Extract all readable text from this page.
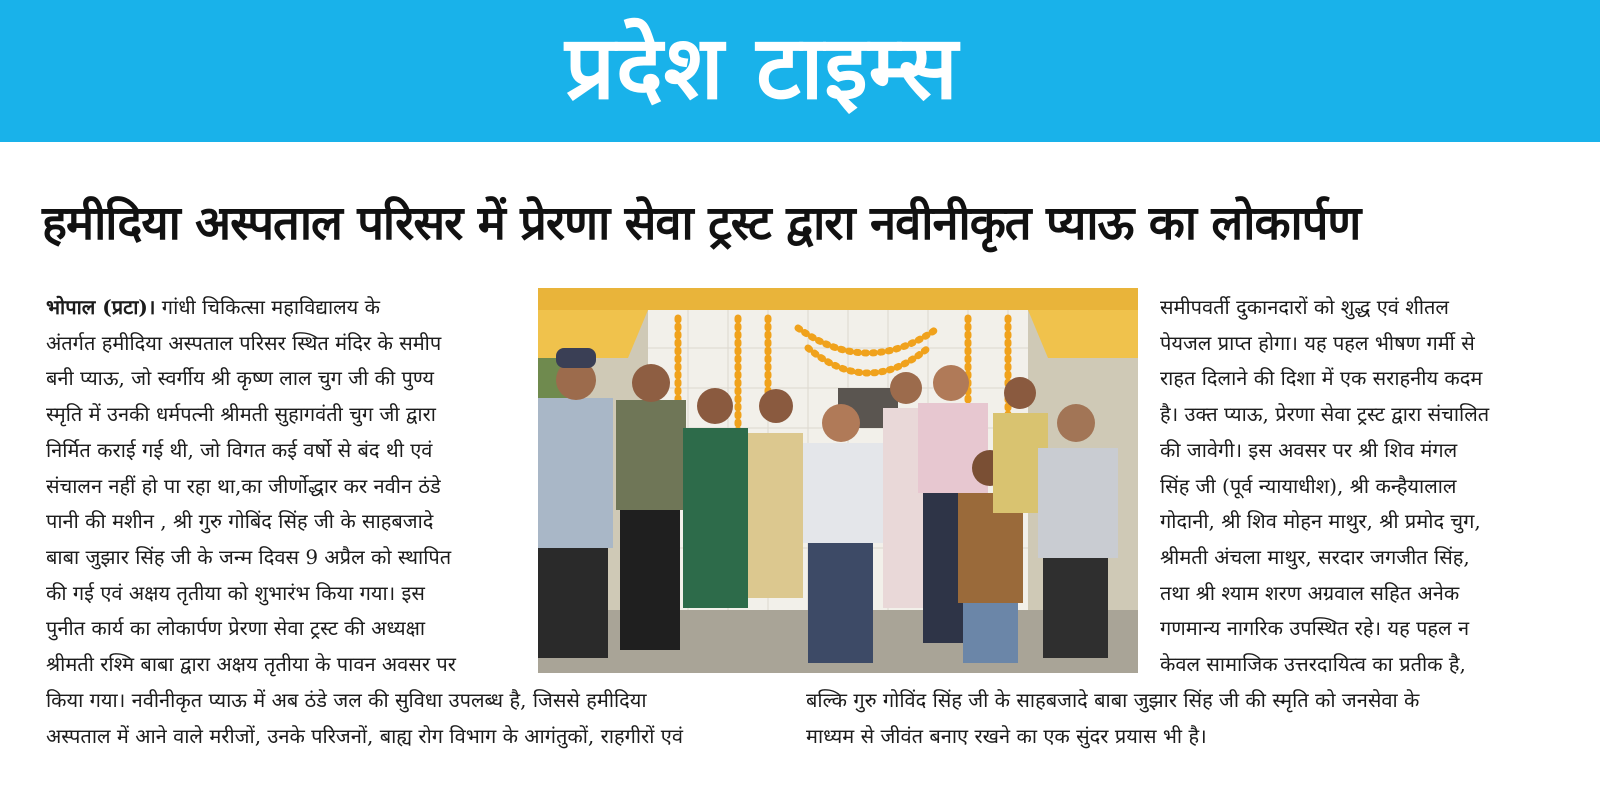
प्रदेश टाइम्स
हमीदिया अस्पताल परिसर में प्रेरणा सेवा ट्रस्ट द्वारा नवीनीकृत प्याऊ का लोकार्पण
भोपाल (प्रटा)। गांधी चिकित्सा महाविद्यालय के
अंतर्गत हमीदिया अस्पताल परिसर स्थित मंदिर के समीप
बनी प्याऊ, जो स्वर्गीय श्री कृष्ण लाल चुग जी की पुण्य
स्मृति में उनकी धर्मपत्नी श्रीमती सुहागवंती चुग जी द्वारा
निर्मित कराई गई थी, जो विगत कई वर्षो से बंद थी एवं
संचालन नहीं हो पा रहा था,का जीर्णोद्धार कर नवीन ठंडे
पानी की मशीन , श्री गुरु गोबिंद सिंह जी के साहबजादे
बाबा जुझार सिंह जी के जन्म दिवस 9 अप्रैल को स्थापित
की गई एवं अक्षय तृतीया को शुभारंभ किया गया। इस
पुनीत कार्य का लोकार्पण प्रेरणा सेवा ट्रस्ट की अध्यक्षा
श्रीमती रश्मि बाबा द्वारा अक्षय तृतीया के पावन अवसर पर
समीपवर्ती दुकानदारों को शुद्ध एवं शीतल
पेयजल प्राप्त होगा। यह पहल भीषण गर्मी से
राहत दिलाने की दिशा में एक सराहनीय कदम
है। उक्त प्याऊ, प्रेरणा सेवा ट्रस्ट द्वारा संचालित
की जावेगी। इस अवसर पर श्री शिव मंगल
सिंह जी (पूर्व न्यायाधीश), श्री कन्हैयालाल
गोदानी, श्री शिव मोहन माथुर, श्री प्रमोद चुग,
श्रीमती अंचला माथुर, सरदार जगजीत सिंह,
तथा श्री श्याम शरण अग्रवाल सहित अनेक
गणमान्य नागरिक उपस्थित रहे। यह पहल न
केवल सामाजिक उत्तरदायित्व का प्रतीक है,
किया गया। नवीनीकृत प्याऊ में अब ठंडे जल की सुविधा उपलब्ध है, जिससे हमीदिया
अस्पताल में आने वाले मरीजों, उनके परिजनों, बाह्य रोग विभाग के आगंतुकों, राहगीरों एवं
बल्कि गुरु गोविंद सिंह जी के साहबजादे बाबा जुझार सिंह जी की स्मृति को जनसेवा के
माध्यम से जीवंत बनाए रखने का एक सुंदर प्रयास भी है।
